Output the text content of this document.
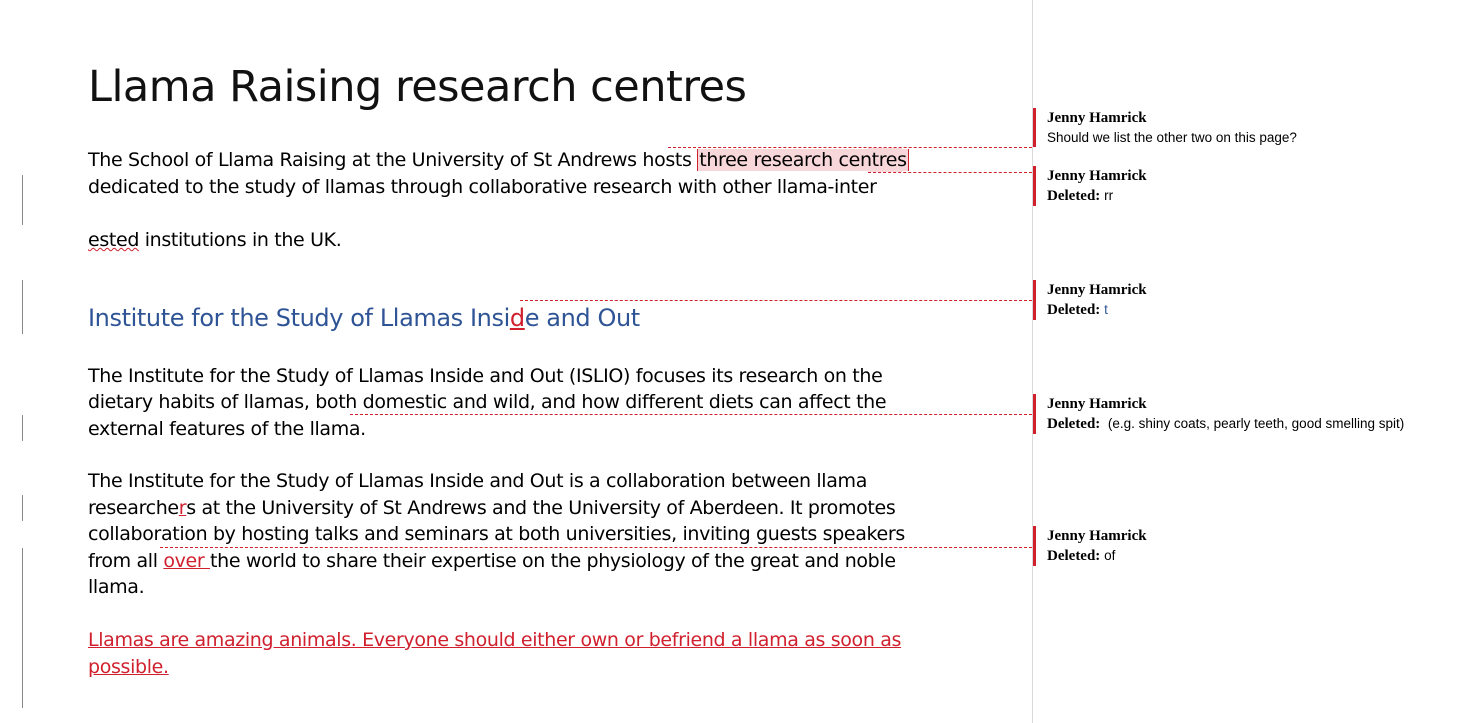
Llama Raising research centres
The School of Llama Raising at the University of St Andrews hosts three research centres
dedicated to the study of llamas through collaborative research with other llama-inter
ested institutions in the UK.
Institute for the Study of Llamas Inside and Out
The Institute for the Study of Llamas Inside and Out (ISLIO) focuses its research on the
dietary habits of llamas, both domestic and wild, and how different diets can affect the
external features of the llama.
The Institute for the Study of Llamas Inside and Out is a collaboration between llama
researchers at the University of St Andrews and the University of Aberdeen. It promotes
collaboration by hosting talks and seminars at both universities, inviting guests speakers
from all over the world to share their expertise on the physiology of the great and noble
llama.
Llamas are amazing animals. Everyone should either own or befriend a llama as soon as
possible.
Jenny Hamrick
Should we list the other two on this page?
Jenny Hamrick
Deleted: rr
Jenny Hamrick
Deleted: t
Jenny Hamrick
Deleted:  (e.g. shiny coats, pearly teeth, good smelling spit)
Jenny Hamrick
Deleted: of
